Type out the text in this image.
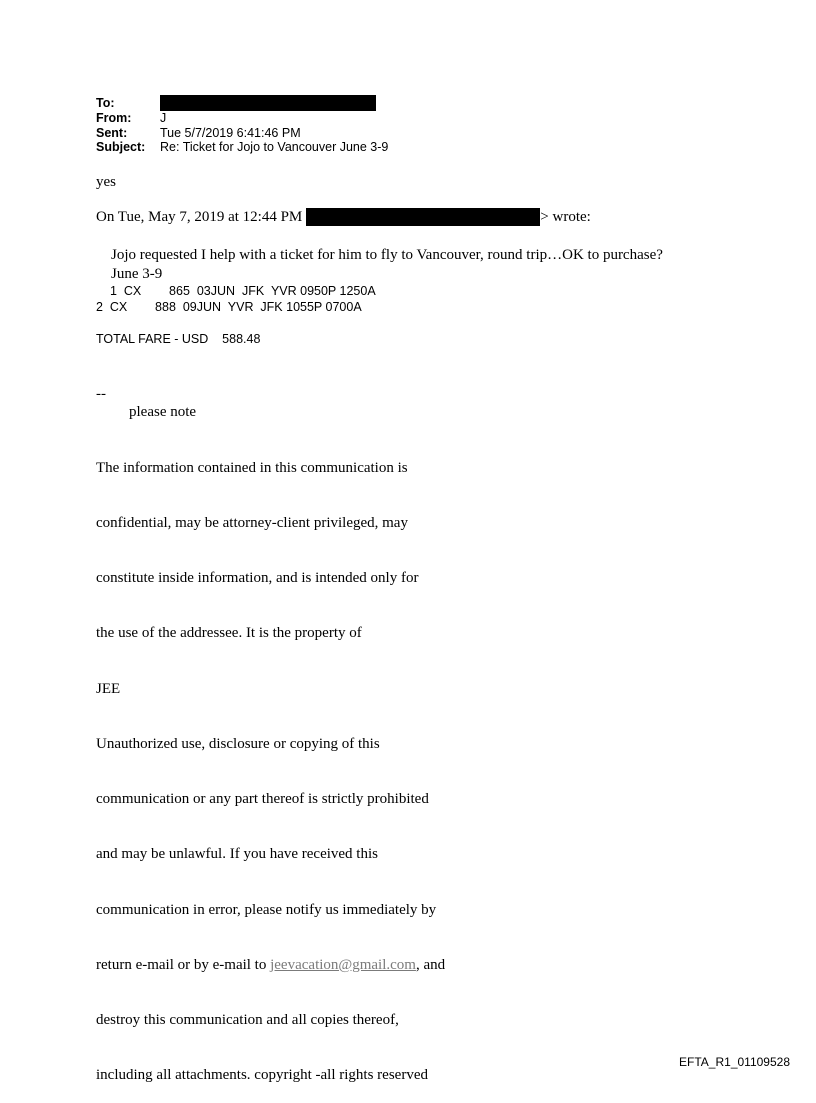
To:
From:	J
Sent:	Tue 5/7/2019 6:41:46 PM
Subject:	Re: Ticket for Jojo to Vancouver June 3-9
yes
On Tue, May 7, 2019 at 12:44 PM	> wrote:
Jojo requested I help with a ticket for him to fly to Vancouver, round trip…OK to purchase?
June 3-9
1  CX        865  03JUN  JFK  YVR 0950P 1250A
2  CX        888  09JUN  YVR  JFK 1055P 0700A
TOTAL FARE - USD    588.48
--
please note

The information contained in this communication is

confidential, may be attorney-client privileged, may

constitute inside information, and is intended only for

the use of the addressee. It is the property of

JEE

Unauthorized use, disclosure or copying of this

communication or any part thereof is strictly prohibited

and may be unlawful. If you have received this

communication in error, please notify us immediately by

return e-mail or by e-mail to jeevacation@gmail.com, and

destroy this communication and all copies thereof,

including all attachments. copyright -all rights reserved

EFTA_R1_01109528
